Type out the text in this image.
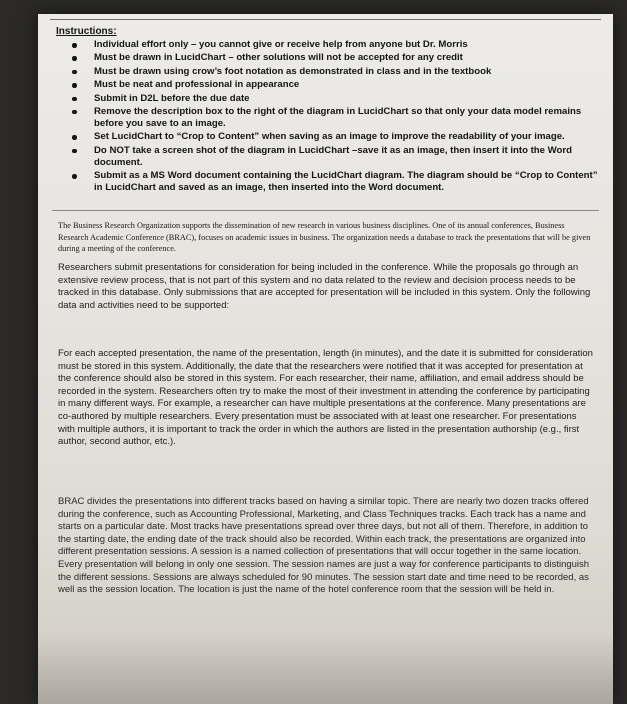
Instructions:
Individual effort only – you cannot give or receive help from anyone but Dr. Morris
Must be drawn in LucidChart – other solutions will not be accepted for any credit
Must be drawn using crow’s foot notation as demonstrated in class and in the textbook
Must be neat and professional in appearance
Submit in D2L before the due date
Remove the description box to the right of the diagram in LucidChart so that only your data model remains before you save to an image.
Set LucidChart to “Crop to Content” when saving as an image to improve the readability of your image.
Do NOT take a screen shot of the diagram in LucidChart –save it as an image, then insert it into the Word document.
Submit as a MS Word document containing the LucidChart diagram. The diagram should be “Crop to Content” in LucidChart and saved as an image, then inserted into the Word document.

The Business Research Organization supports the dissemination of new research in various business disciplines. One of its annual conferences, Business Research Academic Conference (BRAC), focuses on academic issues in business. The organization needs a database to track the presentations that will be given during a meeting of the conference.

Researchers submit presentations for consideration for being included in the conference. While the proposals go through an extensive review process, that is not part of this system and no data related to the review and decision process needs to be tracked in this database. Only submissions that are accepted for presentation will be included in this system. Only the following data and activities need to be supported:

For each accepted presentation, the name of the presentation, length (in minutes), and the date it is submitted for consideration must be stored in this system. Additionally, the date that the researchers were notified that it was accepted for presentation at the conference should also be stored in this system. For each researcher, their name, affiliation, and email address should be recorded in the system. Researchers often try to make the most of their investment in attending the conference by participating in many different ways. For example, a researcher can have multiple presentations at the conference. Many presentations are co-authored by multiple researchers. Every presentation must be associated with at least one researcher. For presentations with multiple authors, it is important to track the order in which the authors are listed in the presentation authorship (e.g., first author, second author, etc.).

BRAC divides the presentations into different tracks based on having a similar topic. There are nearly two dozen tracks offered during the conference, such as Accounting Professional, Marketing, and Class Techniques tracks. Each track has a name and starts on a particular date. Most tracks have presentations spread over three days, but not all of them. Therefore, in addition to the starting date, the ending date of the track should also be recorded. Within each track, the presentations are organized into different presentation sessions. A session is a named collection of presentations that will occur together in the same location. Every presentation will belong in only one session. The session names are just a way for conference participants to distinguish the different sessions. Sessions are always scheduled for 90 minutes. The session start date and time need to be recorded, as well as the session location. The location is just the name of the hotel conference room that the session will be held in.
